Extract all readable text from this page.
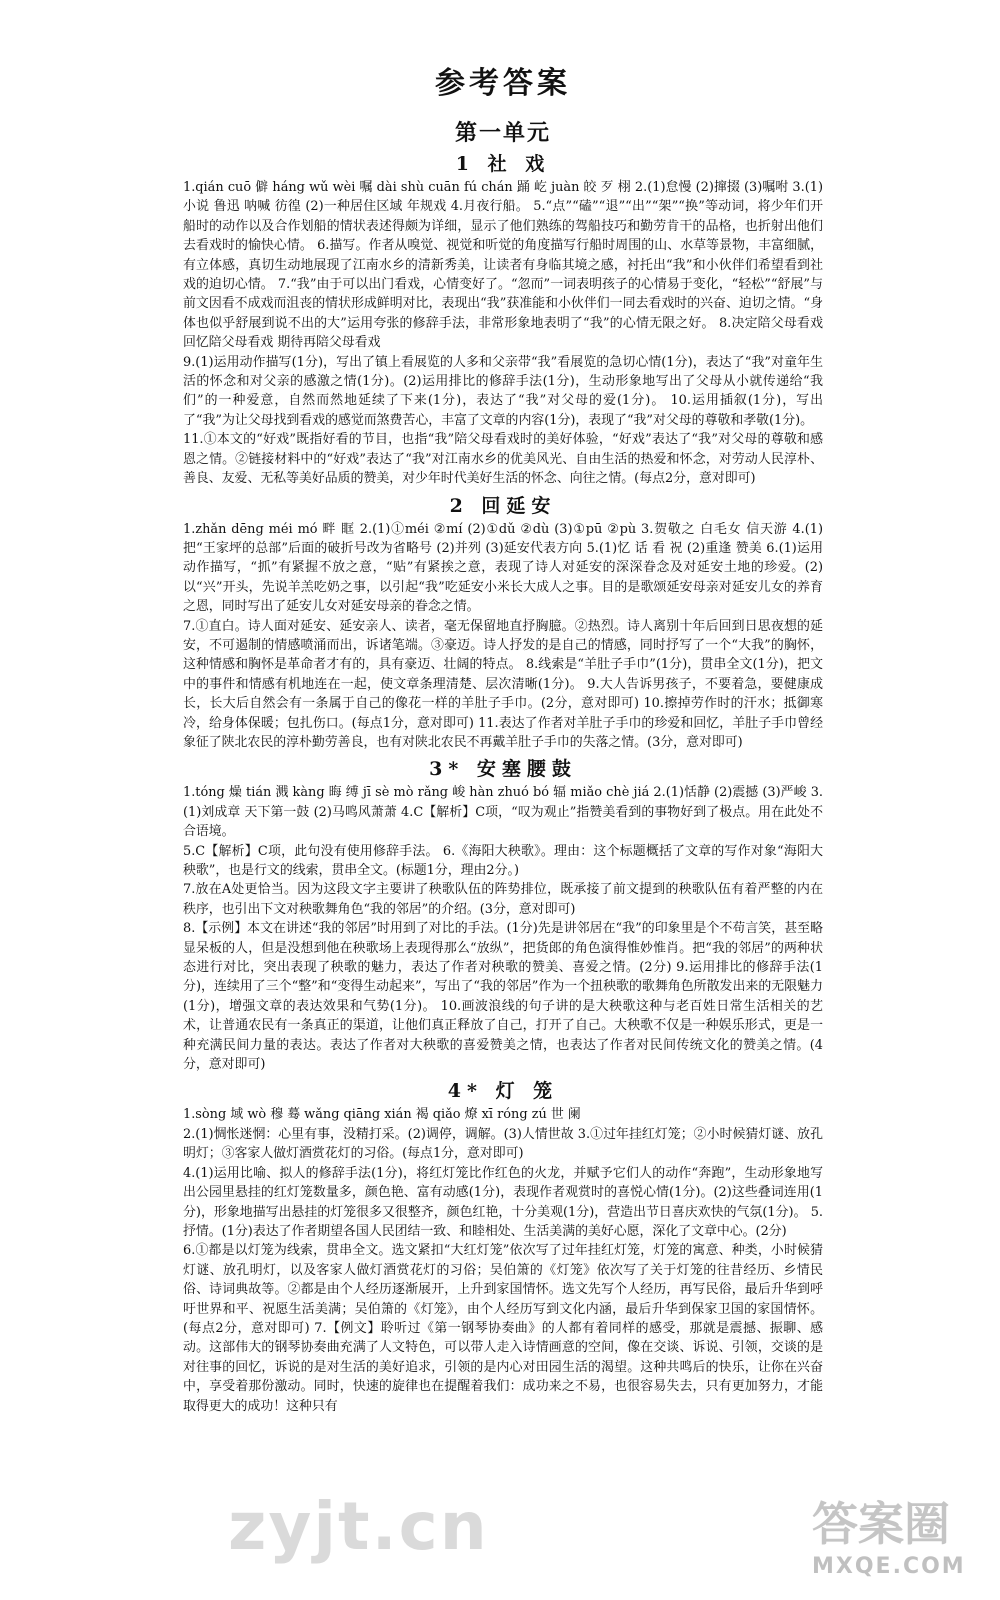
参考答案
第一单元
1 社 戏

1.qián cuō 僻 háng wǔ wèi 嘱 dài shù cuān fú chán 踊 屹 juàn 皎 歹 栩 2.(1)怠慢 (2)撺掇 (3)嘱咐 3.(1)小说 鲁迅 呐喊 彷徨 (2)一种居住区域 年规戏 4.月夜行船。 5.“点”“磕”“退”“出”“架”“换”等动词，将少年们开船时的动作以及合作划船的情状表述得颇为详细，显示了他们熟练的驾船技巧和勤劳肯干的品格，也折射出他们去看戏时的愉快心情。 6.描写。作者从嗅觉、视觉和听觉的角度描写行船时周围的山、水草等景物，丰富细腻，有立体感，真切生动地展现了江南水乡的清新秀美，让读者有身临其境之感，衬托出“我”和小伙伴们希望看到社戏的迫切心情。 7.“我”由于可以出门看戏，心情变好了。“忽而”一词表明孩子的心情易于变化，“轻松”“舒展”与前文因看不成戏而沮丧的情状形成鲜明对比，表现出“我”获准能和小伙伴们一同去看戏时的兴奋、迫切之情。“身体也似乎舒展到说不出的大”运用夸张的修辞手法，非常形象地表明了“我”的心情无限之好。 8.决定陪父母看戏 回忆陪父母看戏 期待再陪父母看戏

9.(1)运用动作描写(1分)，写出了镇上看展览的人多和父亲带“我”看展览的急切心情(1分)，表达了“我”对童年生活的怀念和对父亲的感激之情(1分)。(2)运用排比的修辞手法(1分)，生动形象地写出了父母从小就传递给“我们”的一种爱意，自然而然地延续了下来(1分)，表达了“我”对父母的爱(1分)。 10.运用插叙(1分)，写出了“我”为让父母找到看戏的感觉而煞费苦心，丰富了文章的内容(1分)，表现了“我”对父母的尊敬和孝敬(1分)。

11.①本文的“好戏”既指好看的节目，也指“我”陪父母看戏时的美好体验，“好戏”表达了“我”对父母的尊敬和感恩之情。②链接材料中的“好戏”表达了“我”对江南水乡的优美风光、自由生活的热爱和怀念，对劳动人民淳朴、善良、友爱、无私等美好品质的赞美，对少年时代美好生活的怀念、向往之情。(每点2分，意对即可)

2 回延安

1.zhǎn dēng méi mó 畔 眶 2.(1)①méi ②mí (2)①dǔ ②dù (3)①pū ②pù 3.贺敬之 白毛女 信天游 4.(1)把“王家坪的总部”后面的破折号改为省略号 (2)并列 (3)延安代表方向 5.(1)忆 话 看 祝 (2)重逢 赞美 6.(1)运用动作描写，“抓”有紧握不放之意，“贴”有紧挨之意，表现了诗人对延安的深深眷念及对延安土地的珍爱。(2)以“兴”开头，先说羊羔吃奶之事，以引起“我”吃延安小米长大成人之事。目的是歌颂延安母亲对延安儿女的养育之恩，同时写出了延安儿女对延安母亲的眷念之情。

7.①直白。诗人面对延安、延安亲人、读者，毫无保留地直抒胸臆。②热烈。诗人离别十年后回到日思夜想的延安，不可遏制的情感喷涌而出，诉诸笔端。③豪迈。诗人抒发的是自己的情感，同时抒写了一个“大我”的胸怀，这种情感和胸怀是革命者才有的，具有豪迈、壮阔的特点。 8.线索是“羊肚子手巾”(1分)，贯串全文(1分)，把文中的事件和情感有机地连在一起，使文章条理清楚、层次清晰(1分)。 9.大人告诉男孩子，不要着急，要健康成长，长大后自然会有一条属于自己的像花一样的羊肚子手巾。(2分，意对即可) 10.擦掉劳作时的汗水；抵御寒冷，给身体保暖；包扎伤口。(每点1分，意对即可) 11.表达了作者对羊肚子手巾的珍爱和回忆，羊肚子手巾曾经象征了陕北农民的淳朴勤劳善良，也有对陕北农民不再戴羊肚子手巾的失落之情。(3分，意对即可)

3* 安塞腰鼓

1.tóng 燥 tián 溅 kàng 晦 缚 jī sè mò rǎng 峻 hàn zhuó bó 辐 miǎo chè jiá 2.(1)恬静 (2)震撼 (3)严峻 3.(1)刘成章 天下第一鼓 (2)马鸣风萧萧 4.C【解析】C项，“叹为观止”指赞美看到的事物好到了极点。用在此处不合语境。

5.C【解析】C项，此句没有使用修辞手法。 6.《海阳大秧歌》。理由：这个标题概括了文章的写作对象“海阳大秧歌”，也是行文的线索，贯串全文。(标题1分，理由2分。)

7.放在A处更恰当。因为这段文字主要讲了秧歌队伍的阵势排位，既承接了前文提到的秧歌队伍有着严整的内在秩序，也引出下文对秧歌舞角色“我的邻居”的介绍。(3分，意对即可)

8.【示例】本文在讲述“我的邻居”时用到了对比的手法。(1分)先是讲邻居在“我”的印象里是个不苟言笑，甚至略显呆板的人，但是没想到他在秧歌场上表现得那么“放纵”，把货郎的角色演得惟妙惟肖。把“我的邻居”的两种状态进行对比，突出表现了秧歌的魅力，表达了作者对秧歌的赞美、喜爱之情。(2分) 9.运用排比的修辞手法(1分)，连续用了三个“整”和“变得生动起来”，写出了“我的邻居”作为一个扭秧歌的歌舞角色所散发出来的无限魅力(1分)，增强文章的表达效果和气势(1分)。 10.画波浪线的句子讲的是大秧歌这种与老百姓日常生活相关的艺术，让普通农民有一条真正的渠道，让他们真正释放了自己，打开了自己。大秧歌不仅是一种娱乐形式，更是一种充满民间力量的表达。表达了作者对大秧歌的喜爱赞美之情，也表达了作者对民间传统文化的赞美之情。(4分，意对即可)

4* 灯 笼

1.sòng 域 wò 穆 蓦 wǎng qiāng xián 褐 qiǎo 燎 xī róng zú 世 阑

2.(1)惆怅迷惘：心里有事，没精打采。(2)调停，调解。(3)人情世故 3.①过年挂红灯笼；②小时候猜灯谜、放孔明灯；③客家人做灯酒赏花灯的习俗。(每点1分，意对即可)

4.(1)运用比喻、拟人的修辞手法(1分)，将红灯笼比作红色的火龙，并赋予它们人的动作“奔跑”，生动形象地写出公园里悬挂的红灯笼数量多，颜色艳、富有动感(1分)，表现作者观赏时的喜悦心情(1分)。(2)这些叠词连用(1分)，形象地描写出悬挂的灯笼很多又很整齐，颜色红艳，十分美观(1分)，营造出节日喜庆欢快的气氛(1分)。 5.抒情。(1分)表达了作者期望各国人民团结一致、和睦相处、生活美满的美好心愿，深化了文章中心。(2分)

6.①都是以灯笼为线索，贯串全文。选文紧扣“大红灯笼”依次写了过年挂红灯笼，灯笼的寓意、种类，小时候猜灯谜、放孔明灯，以及客家人做灯酒赏花灯的习俗；吴伯箫的《灯笼》依次写了关于灯笼的往昔经历、乡情民俗、诗词典故等。②都是由个人经历逐渐展开，上升到家国情怀。选文先写个人经历，再写民俗，最后升华到呼吁世界和平、祝愿生活美满；吴伯箫的《灯笼》，由个人经历写到文化内涵，最后升华到保家卫国的家国情怀。(每点2分，意对即可) 7.【例文】聆听过《第一钢琴协奏曲》的人都有着同样的感受，那就是震撼、振聊、感动。这部伟大的钢琴协奏曲充满了人文特色，可以带人走入诗情画意的空间，像在交谈、诉说、引领，交谈的是对往事的回忆，诉说的是对生活的美好追求，引领的是内心对田园生活的渴望。这种共鸣后的快乐，让你在兴奋中，享受着那份激动。同时，快速的旋律也在提醒着我们：成功来之不易，也很容易失去，只有更加努力，才能取得更大的成功！这种只有

zyjt.cn	答案圈
MXQE.COM
